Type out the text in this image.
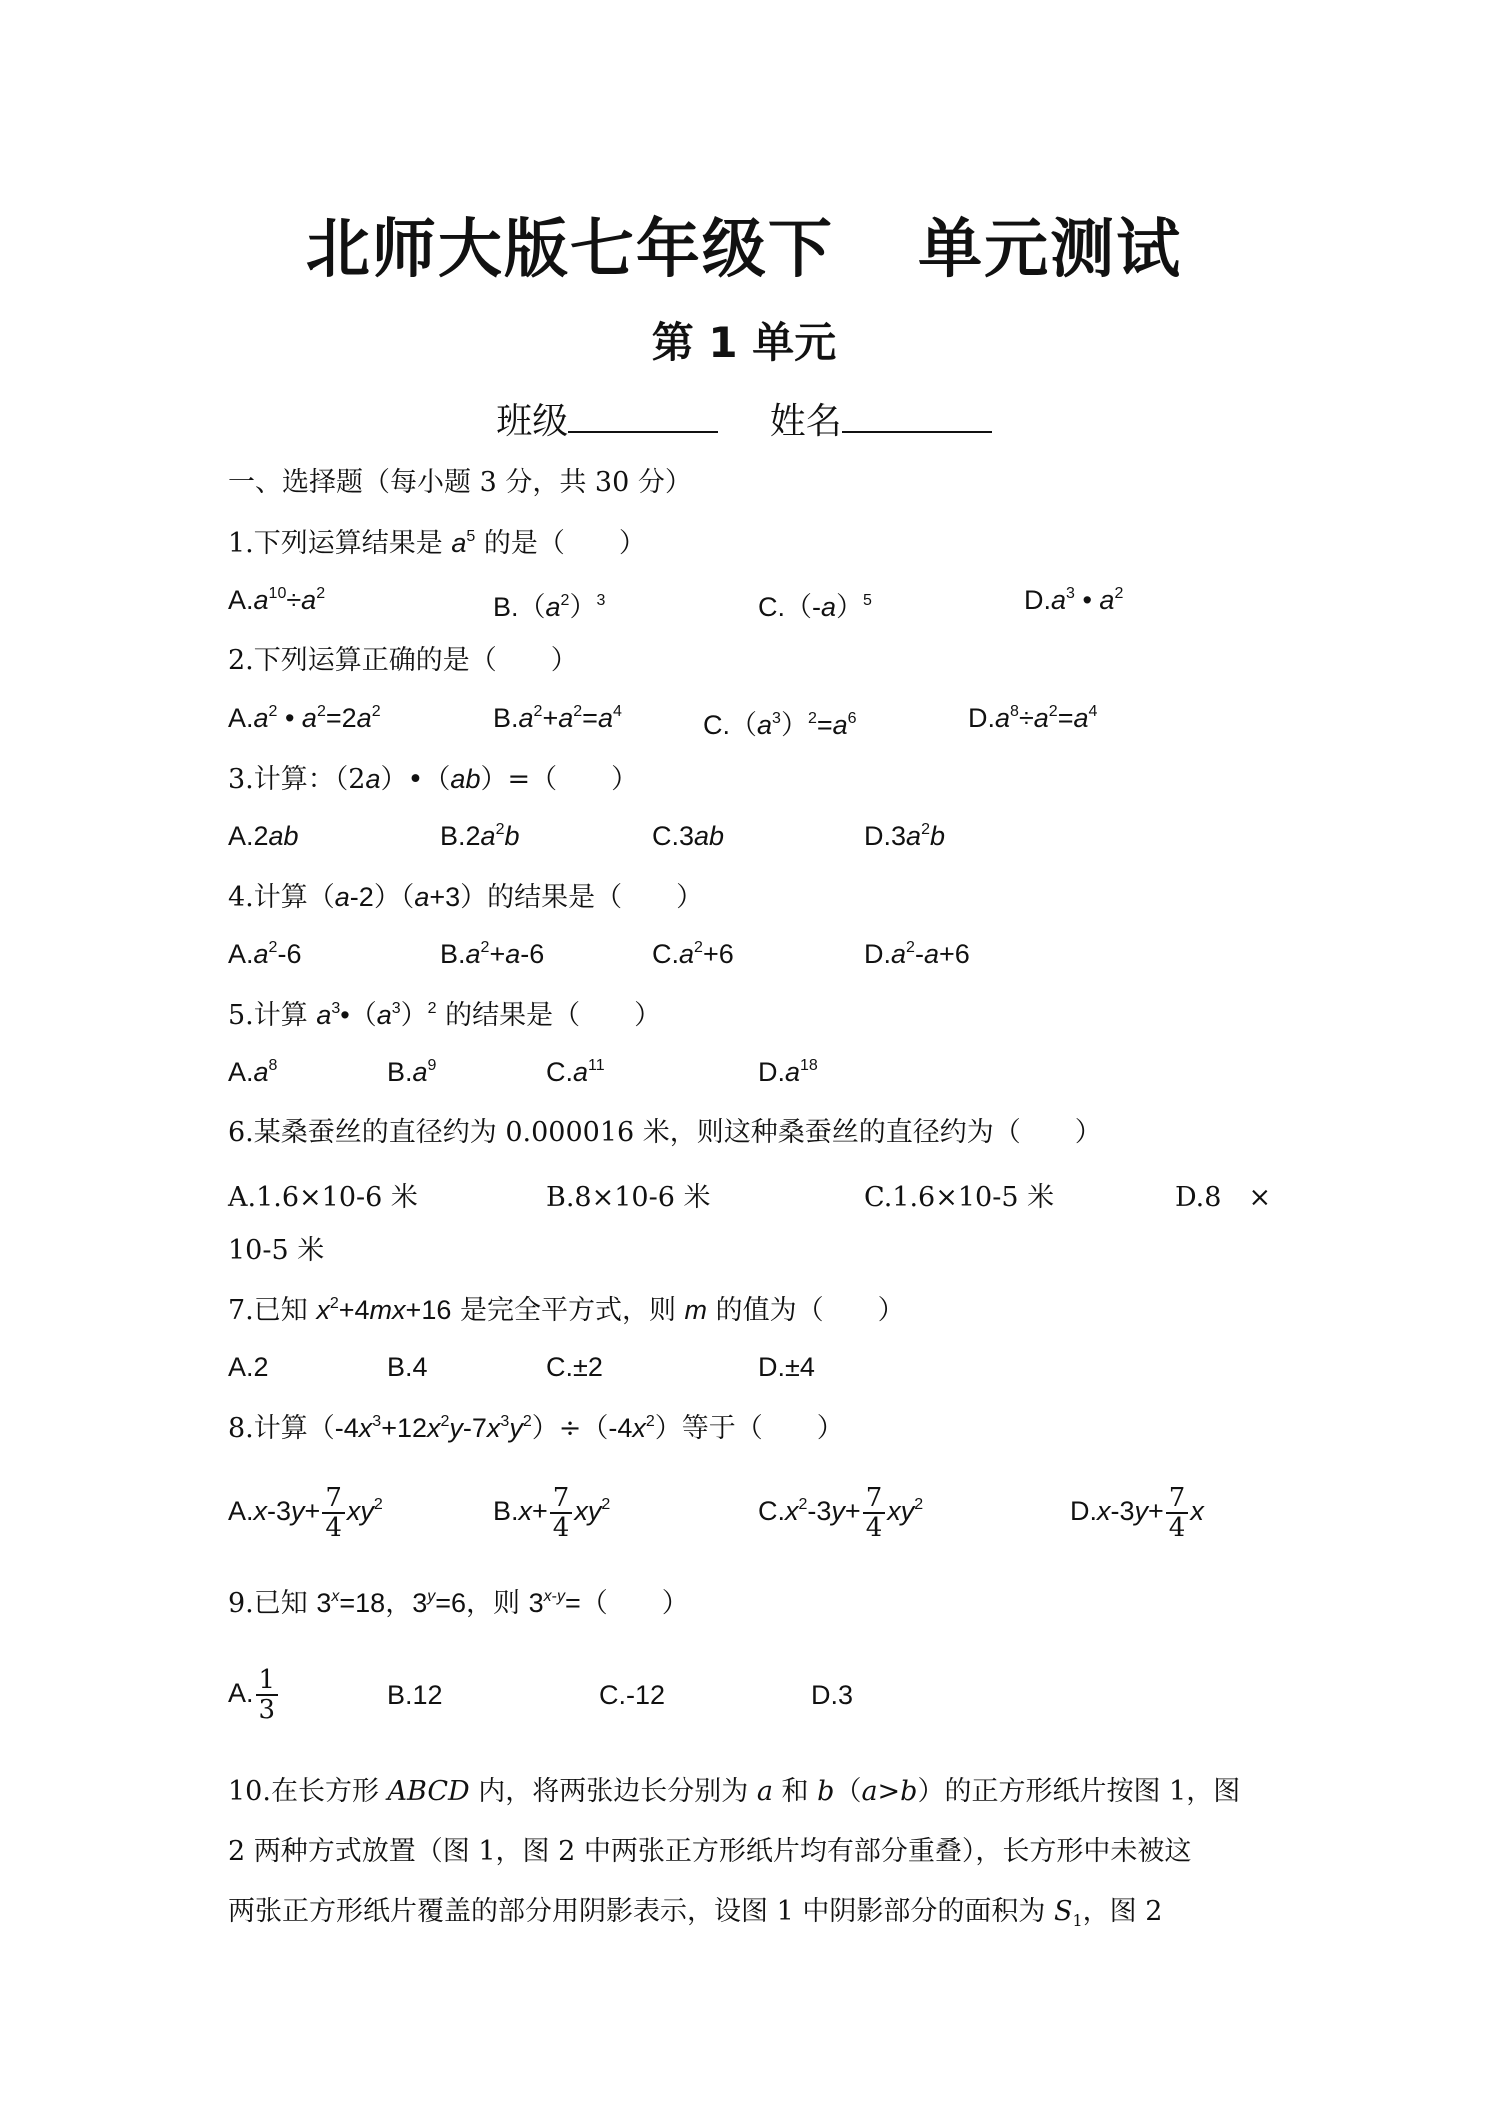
北师大版七年级下 单元测试
第 1 单元
班级	姓名
一、选择题（每小题 3 分，共 30 分）
1.下列运算结果是 $a^5$ 的是（　　）
$A.a^{10}\div a^2$	$B.(a^2)^3$	$C.(-a)^5$	$D.a^3$ • $a^2$
2.下列运算正确的是（　　）
$A.a^2$ • $a^2=2a^2$	$B.a^2+a^2=a^4$	$C.(a^3)^2=a^6$	$D.a^8\div a^2=a^4$
3.计算：（2a）•（ab）=（　　）
A.2ab	$B.2a^2b$	C.3ab	$D.3a^2b$
4.计算（a-2）（a+3）的结果是（　　）
$A.a^2-6$	$B.a^2+a-6$	$C.a^2+6$	$D.a^2-a+6$
5.计算 $a^3•(a^3)^2$ 的结果是（　　）
$A.a^8$	$B.a^9$	$C.a^{11}$	$D.a^{18}$
6.某桑蚕丝的直径约为 0.000016 米，则这种桑蚕丝的直径约为（　　）
A.1.6×10-6 米	B.8×10-6 米	C.1.6×10-5 米	D.8　×
10-5 米
7.已知 $x^2+4mx+16$ 是完全平方式，则 m 的值为（　　）
A.2	B.4	C.±2	D.±4
8.计算$(-4x^3+12x^2y-7x^3y^2)\div(-4x^2)$等于（　　）
$A.x-3y+ \frac{7}{4} xy^2$	$B.x+ \frac{7}{4} xy^2$	$C.x^2-3y+ \frac{7}{4} xy^2$	$D.x-3y+ \frac{7}{4}$ x
9.已知 $3^x=18$，$3^y=6$，则 $3^{x-y}=$（　　）
A. $\frac{1}{3}$	B.12	C.-12	D.3
10.在长方形 ABCD 内，将两张边长分别为 a 和 b（a>b）的正方形纸片按图 1，图
2 两种方式放置（图 1，图 2 中两张正方形纸片均有部分重叠），长方形中未被这
两张正方形纸片覆盖的部分用阴影表示，设图 1 中阴影部分的面积为 $S_1$，图 2
